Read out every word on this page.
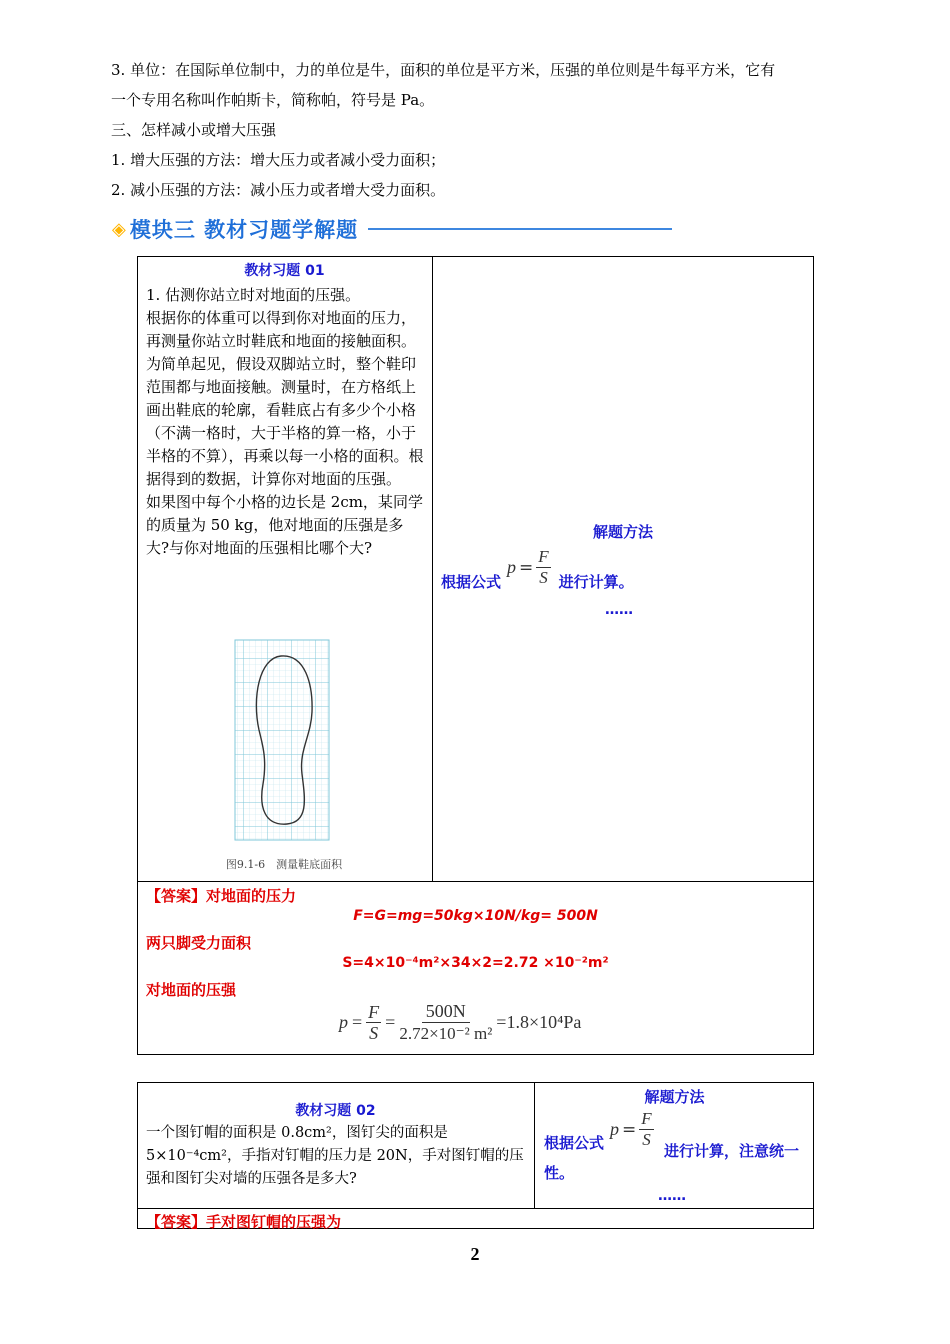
3. 单位：在国际单位制中，力的单位是牛，面积的单位是平方米，压强的单位则是牛每平方米，它有
一个专用名称叫作帕斯卡，简称帕，符号是 Pa。
三、怎样减小或增大压强
1. 增大压强的方法：增大压力或者减小受力面积；
2. 减小压强的方法：减小压力或者增大受力面积。
◈ 模块三 教材习题学解题
教材习题 01

1. 估测你站立时对地面的压强。

根据你的体重可以得到你对地面的压力，再测量你站立时鞋底和地面的接触面积。为简单起见，假设双脚站立时，整个鞋印范围都与地面接触。测量时，在方格纸上画出鞋底的轮廓，看鞋底占有多少个小格（不满一格时，大于半格的算一格，小于半格的不算），再乘以每一小格的面积。根据得到的数据，计算你对地面的压强。

如果图中每个小格的边长是 2cm，某同学的质量为 50 kg，他对地面的压强是多大?与你对地面的压强相比哪个大?

图9.1-6　测量鞋底面积
解题方法
根据公式
$p = \frac{F}{S}$ 进行计算。
……
【答案】对地面的压力
F=G=mg=50kg×10N/kg= 500N
两只脚受力面积
S=4×10⁻⁴m²×34×2=2.72 ×10⁻²m²
对地面的压强
$p = \frac{F}{S} = \frac{500N}{\text{2.72×10⁻² m²}} =1.8\times 10^4Pa$
教材习题 02
一个图钉帽的面积是 0.8cm²，图钉尖的面积是 5×10⁻⁴cm²，手指对钉帽的压力是 20N，手对图钉帽的压强和图钉尖对墙的压强各是多大?
解题方法
根据公式
$p = \frac{F}{S}$
进行计算，注意统一性。
……
【答案】手对图钉帽的压强为
2
